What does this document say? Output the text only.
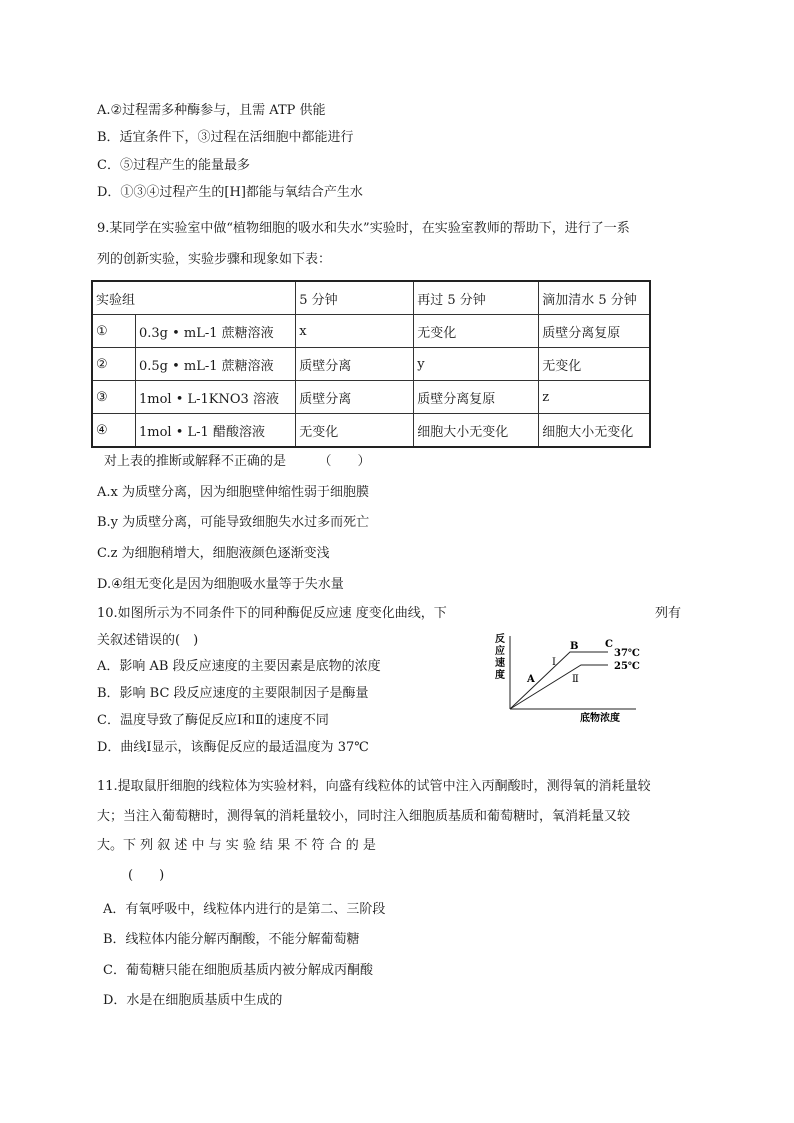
A.②过程需多种酶参与，且需 ATP 供能
B．适宜条件下，③过程在活细胞中都能进行
C．⑤过程产生的能量最多
D．①③④过程产生的[H]都能与氧结合产生水
9.某同学在实验室中做“植物细胞的吸水和失水”实验时，在实验室教师的帮助下，进行了一系
列的创新实验，实验步骤和现象如下表：
实验组		5 分钟	再过 5 分钟	滴加清水 5 分钟
①	0.3g • mL-1 蔗糖溶液	x	无变化	质壁分离复原
②	0.5g • mL-1 蔗糖溶液	质壁分离	y	无变化
③	1mol • L-1KNO3 溶液	质壁分离	质壁分离复原	z
④	1mol • L-1 醋酸溶液	无变化	细胞大小无变化	细胞大小无变化
对上表的推断或解释不正确的是　　　（　　）
A.x 为质壁分离，因为细胞壁伸缩性弱于细胞膜
B.y 为质壁分离，可能导致细胞失水过多而死亡
C.z 为细胞稍增大，细胞液颜色逐渐变浅
D.④组无变化是因为细胞吸水量等于失水量
10.如图所示为不同条件下的同种酶促反应速 度变化曲线，下	列有
关叙述错误的(　)
A．影响 AB 段反应速度的主要因素是底物的浓度
B．影响 BC 段反应速度的主要限制因子是酶量
C．温度导致了酶促反应Ⅰ和Ⅱ的速度不同
D．曲线Ⅰ显示，该酶促反应的最适温度为 37℃
反
应
速
度 A
B	C
Ⅰ
Ⅱ
37℃
25℃
底物浓度
11.提取鼠肝细胞的线粒体为实验材料，向盛有线粒体的试管中注入丙酮酸时，测得氧的消耗量较
大；当注入葡萄糖时，测得氧的消耗量较小，同时注入细胞质基质和葡萄糖时，氧消耗量又较
大。下 列 叙 述 中 与 实 验 结 果 不 符 合 的 是
(　　)
A．有氧呼吸中，线粒体内进行的是第二、三阶段
B．线粒体内能分解丙酮酸，不能分解葡萄糖
C．葡萄糖只能在细胞质基质内被分解成丙酮酸
D．水是在细胞质基质中生成的
